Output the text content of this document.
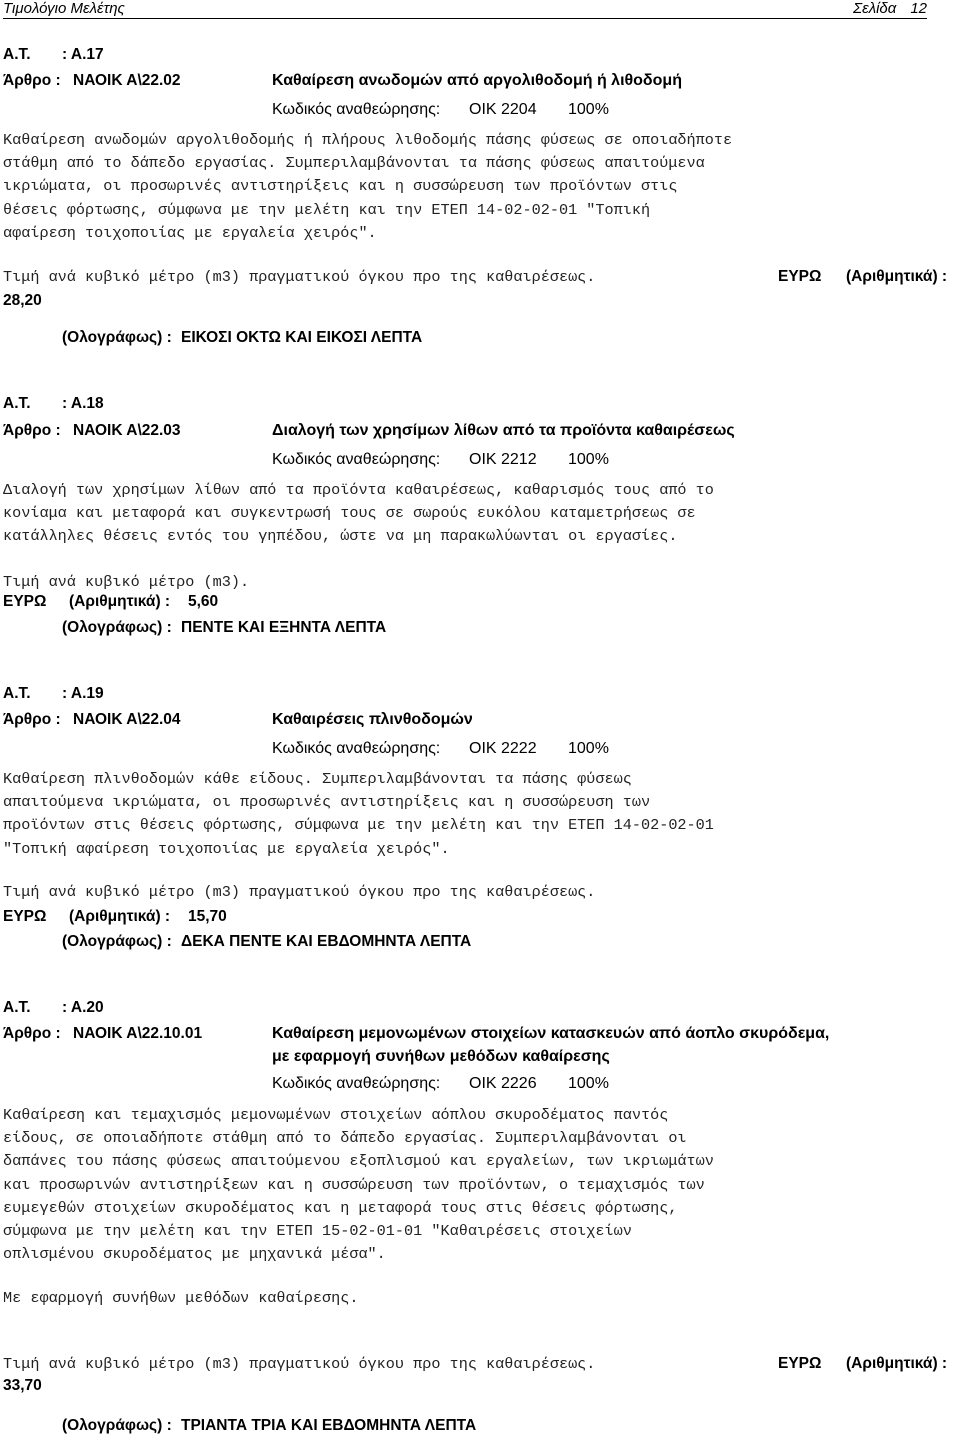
Τιμολόγιο Μελέτης	Σελίδα 12
Α.Τ. : Α.17
Άρθρο : ΝΑΟΙΚ Α\22.02	Καθαίρεση ανωδομών από αργολιθοδομή ή λιθοδομή
Κωδικός αναθεώρησης: ΟΙΚ 2204 100%
Καθαίρεση ανωδομών αργολιθοδομής ή πλήρους λιθοδομής πάσης φύσεως σε οποιαδήποτε
στάθμη από το δάπεδο εργασίας. Συμπεριλαμβάνονται τα πάσης φύσεως απαιτούμενα
ικριώματα, οι προσωρινές αντιστηρίξεις και η συσσώρευση των προϊόντων στις
θέσεις φόρτωσης, σύμφωνα με την μελέτη και την ΕΤΕΠ 14-02-02-01 "Τοπική
αφαίρεση τοιχοποιίας με εργαλεία χειρός".
Τιμή ανά κυβικό μέτρο (m3) πραγματικού όγκου προ της καθαιρέσεως.	ΕΥΡΩ (Αριθμητικά) :
28,20
(Ολογράφως) : ΕΙΚΟΣΙ ΟΚΤΩ ΚΑΙ ΕΙΚΟΣΙ ΛΕΠΤΑ
Α.Τ. : Α.18
Άρθρο : ΝΑΟΙΚ Α\22.03	Διαλογή των χρησίμων λίθων από τα προϊόντα καθαιρέσεως
Κωδικός αναθεώρησης: ΟΙΚ 2212 100%
Διαλογή των χρησίμων λίθων από τα προϊόντα καθαιρέσεως, καθαρισμός τους από το
κονίαμα και μεταφορά και συγκεντρωσή τους σε σωρούς ευκόλου καταμετρήσεως σε
κατάλληλες θέσεις εντός του γηπέδου, ώστε να μη παρακωλύωνται οι εργασίες.
Τιμή ανά κυβικό μέτρο (m3).
ΕΥΡΩ (Αριθμητικά) : 5,60
(Ολογράφως) : ΠΕΝΤΕ ΚΑΙ ΕΞΗΝΤΑ ΛΕΠΤΑ
Α.Τ. : Α.19
Άρθρο : ΝΑΟΙΚ Α\22.04	Καθαιρέσεις πλινθοδομών
Κωδικός αναθεώρησης: ΟΙΚ 2222 100%
Καθαίρεση πλινθοδομών κάθε είδους. Συμπεριλαμβάνονται τα πάσης φύσεως
απαιτούμενα ικριώματα, οι προσωρινές αντιστηρίξεις και η συσσώρευση των
προϊόντων στις θέσεις φόρτωσης, σύμφωνα με την μελέτη και την ΕΤΕΠ 14-02-02-01
"Τοπική αφαίρεση τοιχοποιίας με εργαλεία χειρός".
Τιμή ανά κυβικό μέτρο (m3) πραγματικού όγκου προ της καθαιρέσεως.
ΕΥΡΩ (Αριθμητικά) : 15,70
(Ολογράφως) : ΔΕΚΑ ΠΕΝΤΕ ΚΑΙ ΕΒΔΟΜΗΝΤΑ ΛΕΠΤΑ
Α.Τ. : Α.20
Άρθρο : ΝΑΟΙΚ Α\22.10.01	Καθαίρεση μεμονωμένων στοιχείων κατασκευών από άοπλο σκυρόδεμα,
με εφαρμογή συνήθων μεθόδων καθαίρεσης
Κωδικός αναθεώρησης: ΟΙΚ 2226 100%
Καθαίρεση και τεμαχισμός μεμονωμένων στοιχείων αόπλου σκυροδέματος παντός
είδους, σε οποιαδήποτε στάθμη από το δάπεδο εργασίας. Συμπεριλαμβάνονται οι
δαπάνες του πάσης φύσεως απαιτούμενου εξοπλισμού και εργαλείων, των ικριωμάτων
και προσωρινών αντιστηρίξεων και η συσσώρευση των προϊόντων, ο τεμαχισμός των
ευμεγεθών στοιχείων σκυροδέματος και η μεταφορά τους στις θέσεις φόρτωσης,
σύμφωνα με την μελέτη και την ΕΤΕΠ 15-02-01-01 "Καθαιρέσεις στοιχείων
οπλισμένου σκυροδέματος με μηχανικά μέσα".
Με εφαρμογή συνήθων μεθόδων καθαίρεσης.
Τιμή ανά κυβικό μέτρο (m3) πραγματικού όγκου προ της καθαιρέσεως.	ΕΥΡΩ (Αριθμητικά) :
33,70
(Ολογράφως) : ΤΡΙΑΝΤΑ ΤΡΙΑ ΚΑΙ ΕΒΔΟΜΗΝΤΑ ΛΕΠΤΑ
